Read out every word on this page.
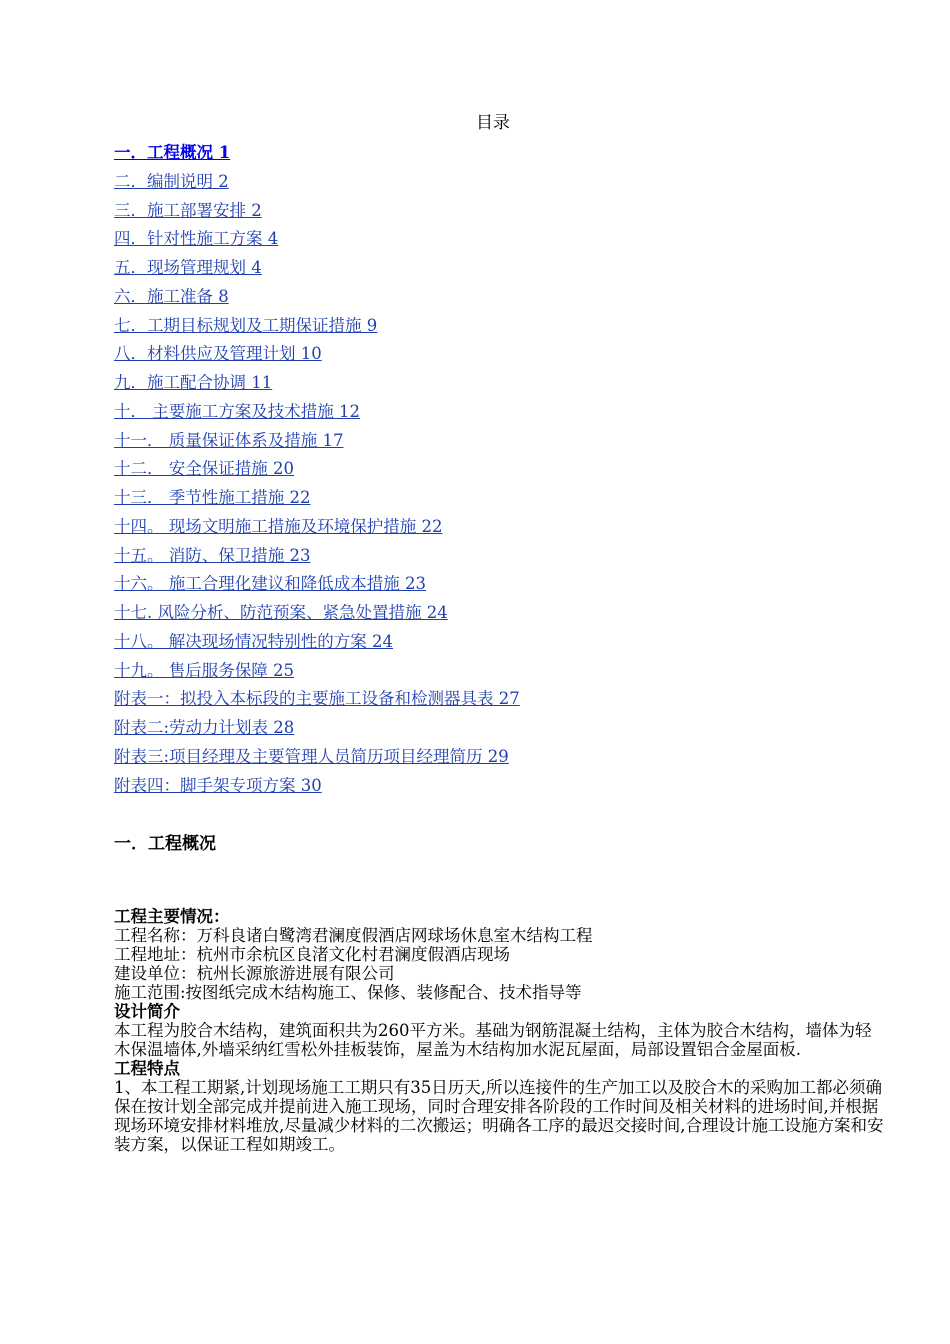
目录
一．工程概况 1
二．编制说明 2
三．施工部署安排 2
四．针对性施工方案 4
五．现场管理规划 4
六．施工准备 8
七．工期目标规划及工期保证措施 9
八．材料供应及管理计划 10
九．施工配合协调 11
十． 主要施工方案及技术措施 12
十一． 质量保证体系及措施 17
十二． 安全保证措施 20
十三． 季节性施工措施 22
十四。 现场文明施工措施及环境保护措施 22
十五。 消防、保卫措施 23
十六。 施工合理化建议和降低成本措施 23
十七. 风险分析、防范预案、紧急处置措施 24
十八。 解决现场情况特别性的方案 24
十九。 售后服务保障 25
附表一：拟投入本标段的主要施工设备和检测器具表 27
附表二:劳动力计划表 28
附表三:项目经理及主要管理人员简历项目经理简历 29
附表四：脚手架专项方案 30
一．工程概况
工程主要情况：
工程名称：万科良诸白鹭湾君澜度假酒店网球场休息室木结构工程
工程地址：杭州市余杭区良渚文化村君澜度假酒店现场
建设单位：杭州长源旅游进展有限公司
施工范围:按图纸完成木结构施工、保修、装修配合、技术指导等
设计简介
本工程为胶合木结构，建筑面积共为260平方米。基础为钢筋混凝土结构，主体为胶合木结构，墙体为轻木保温墙体,外墙采纳红雪松外挂板装饰，屋盖为木结构加水泥瓦屋面，局部设置铝合金屋面板.
工程特点
1、本工程工期紧,计划现场施工工期只有35日历天,所以连接件的生产加工以及胶合木的采购加工都必须确保在按计划全部完成并提前进入施工现场，同时合理安排各阶段的工作时间及相关材料的进场时间,并根据现场环境安排材料堆放,尽量减少材料的二次搬运；明确各工序的最迟交接时间,合理设计施工设施方案和安装方案，以保证工程如期竣工。
